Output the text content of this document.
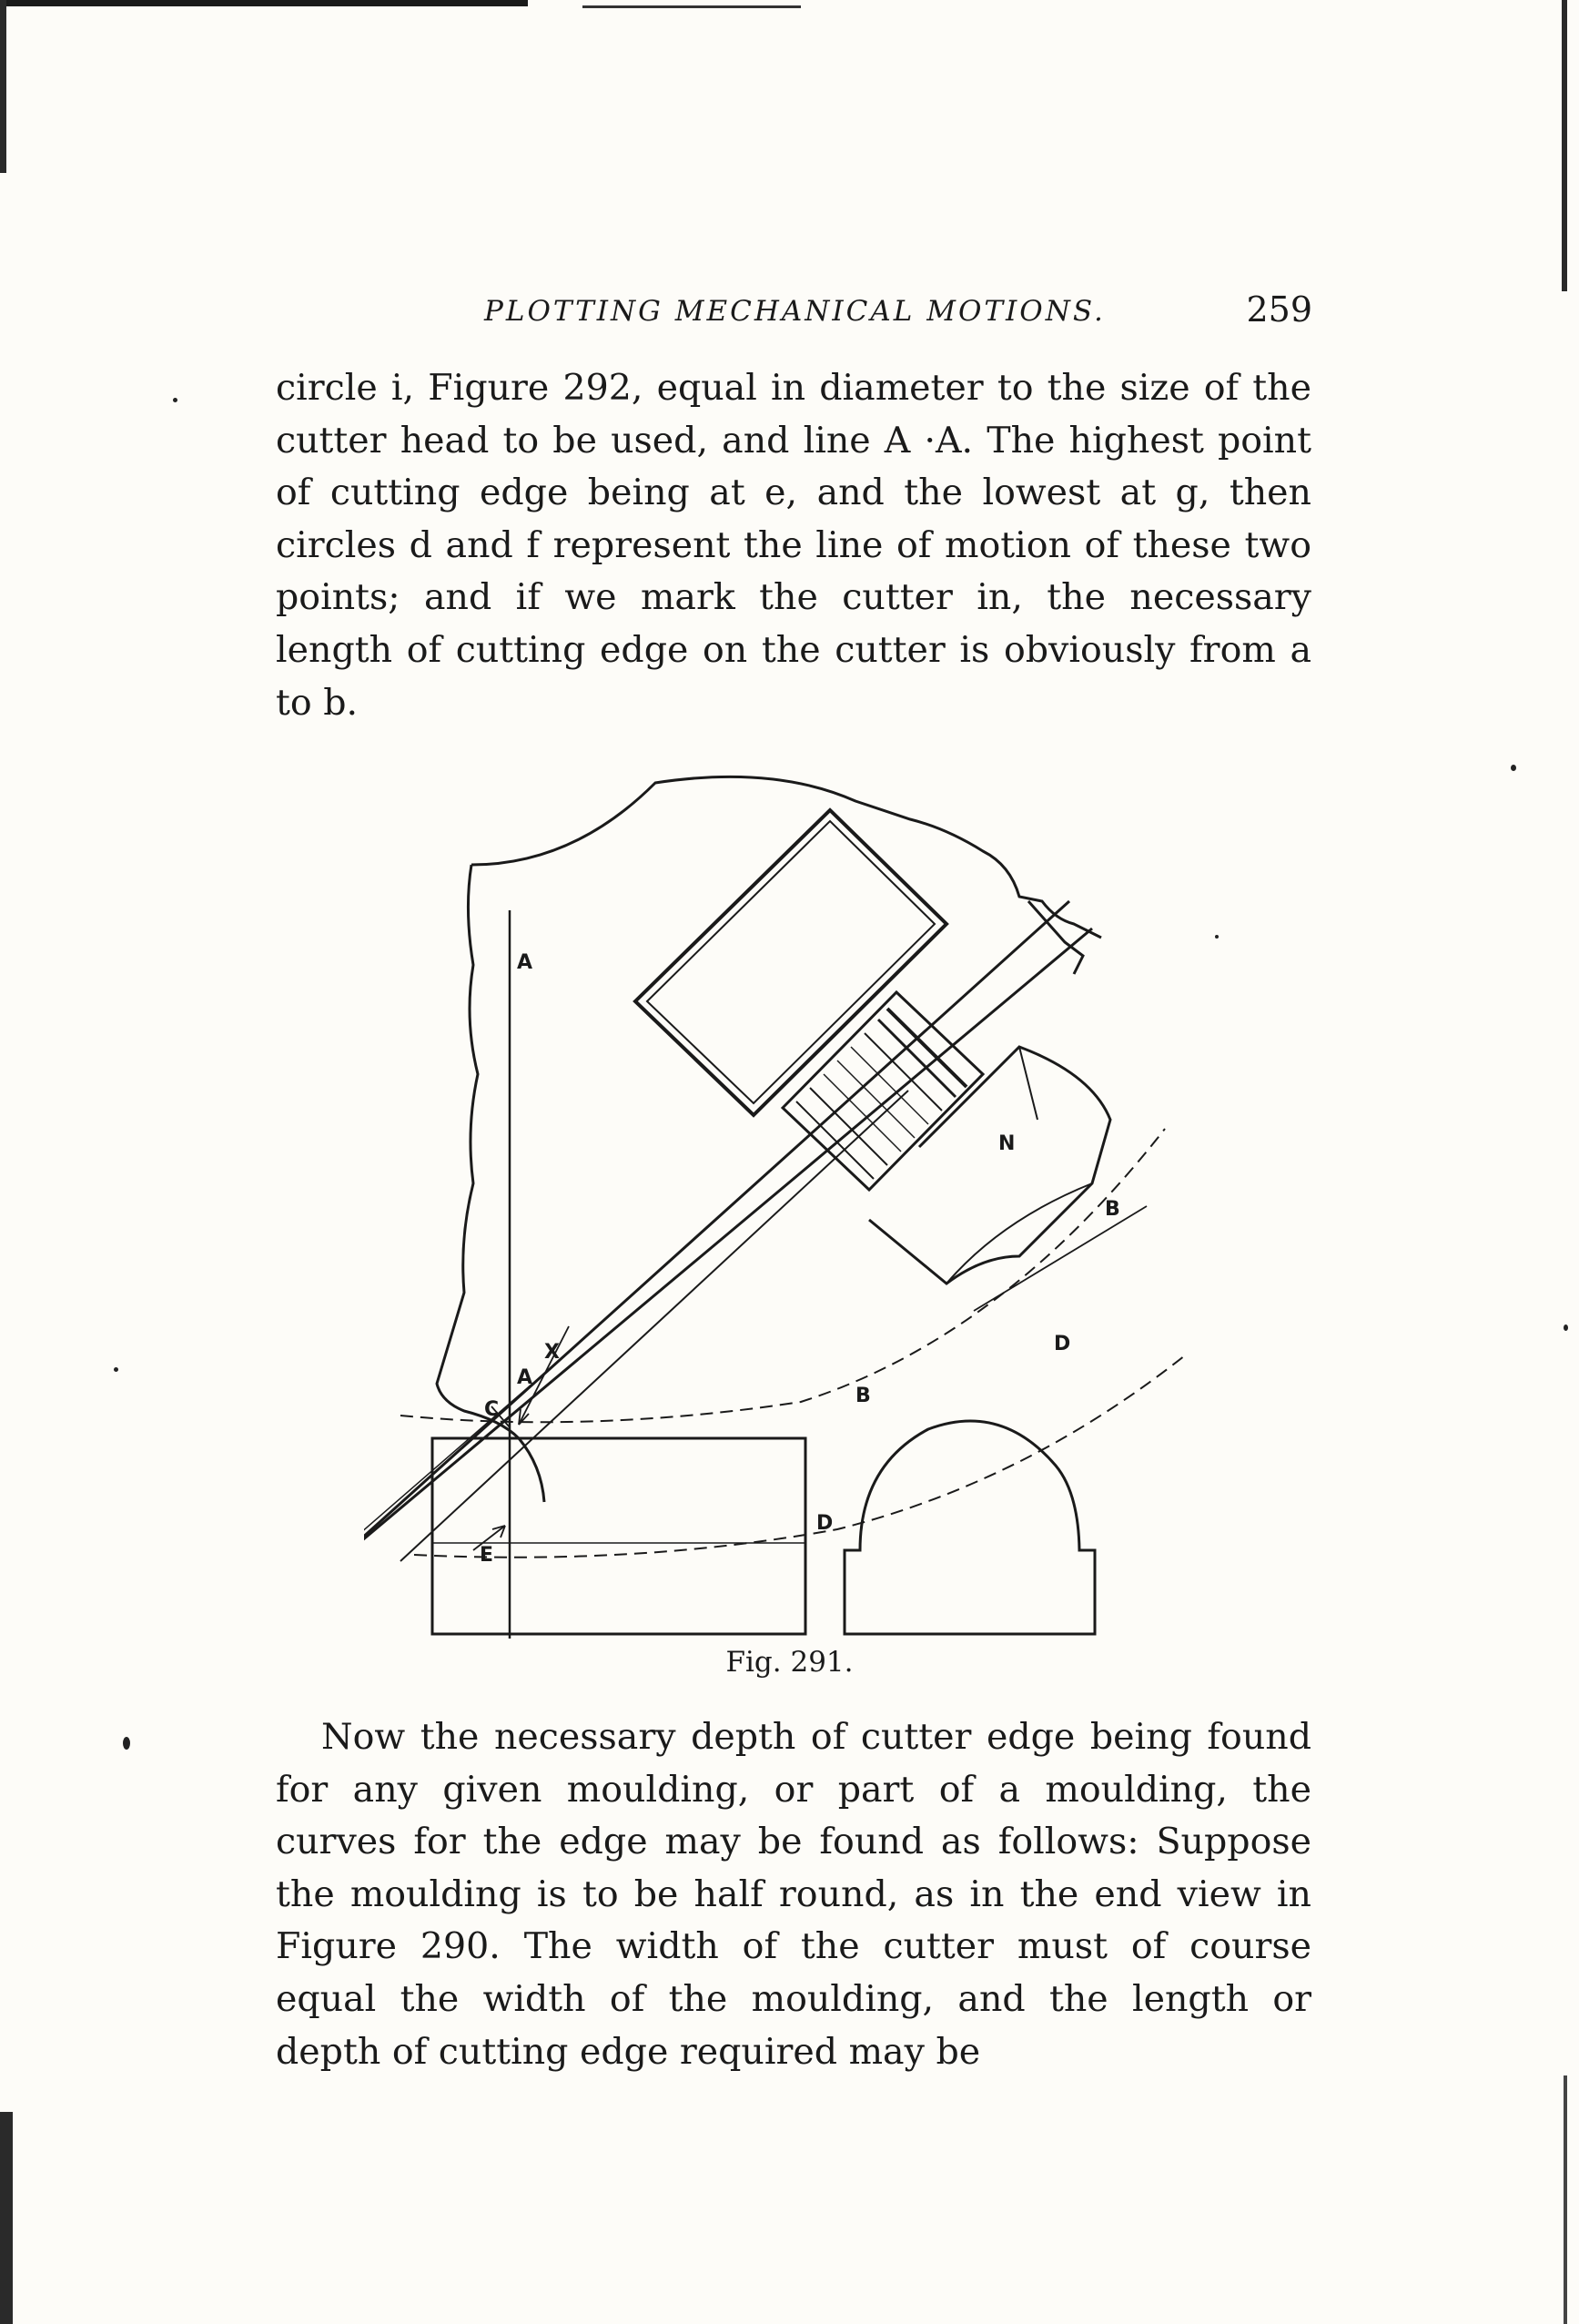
PLOTTING MECHANICAL MOTIONS.	259

circle i, Figure 292, equal in diameter to the size of the cutter head to be used, and line A ·A. The highest point of cutting edge being at e, and the lowest at g, then circles d and f represent the line of motion of these two points; and if we mark the cutter in, the necessary length of cutting edge on the cutter is obviously from a to b.

A
A
X
C
B
B
D
D
E
N
Fig. 291.

Now the necessary depth of cutter edge being found for any given moulding, or part of a moulding, the curves for the edge may be found as follows: Suppose the moulding is to be half round, as in the end view in Figure 290. The width of the cutter must of course equal the width of the moulding, and the length or depth of cutting edge required may be
